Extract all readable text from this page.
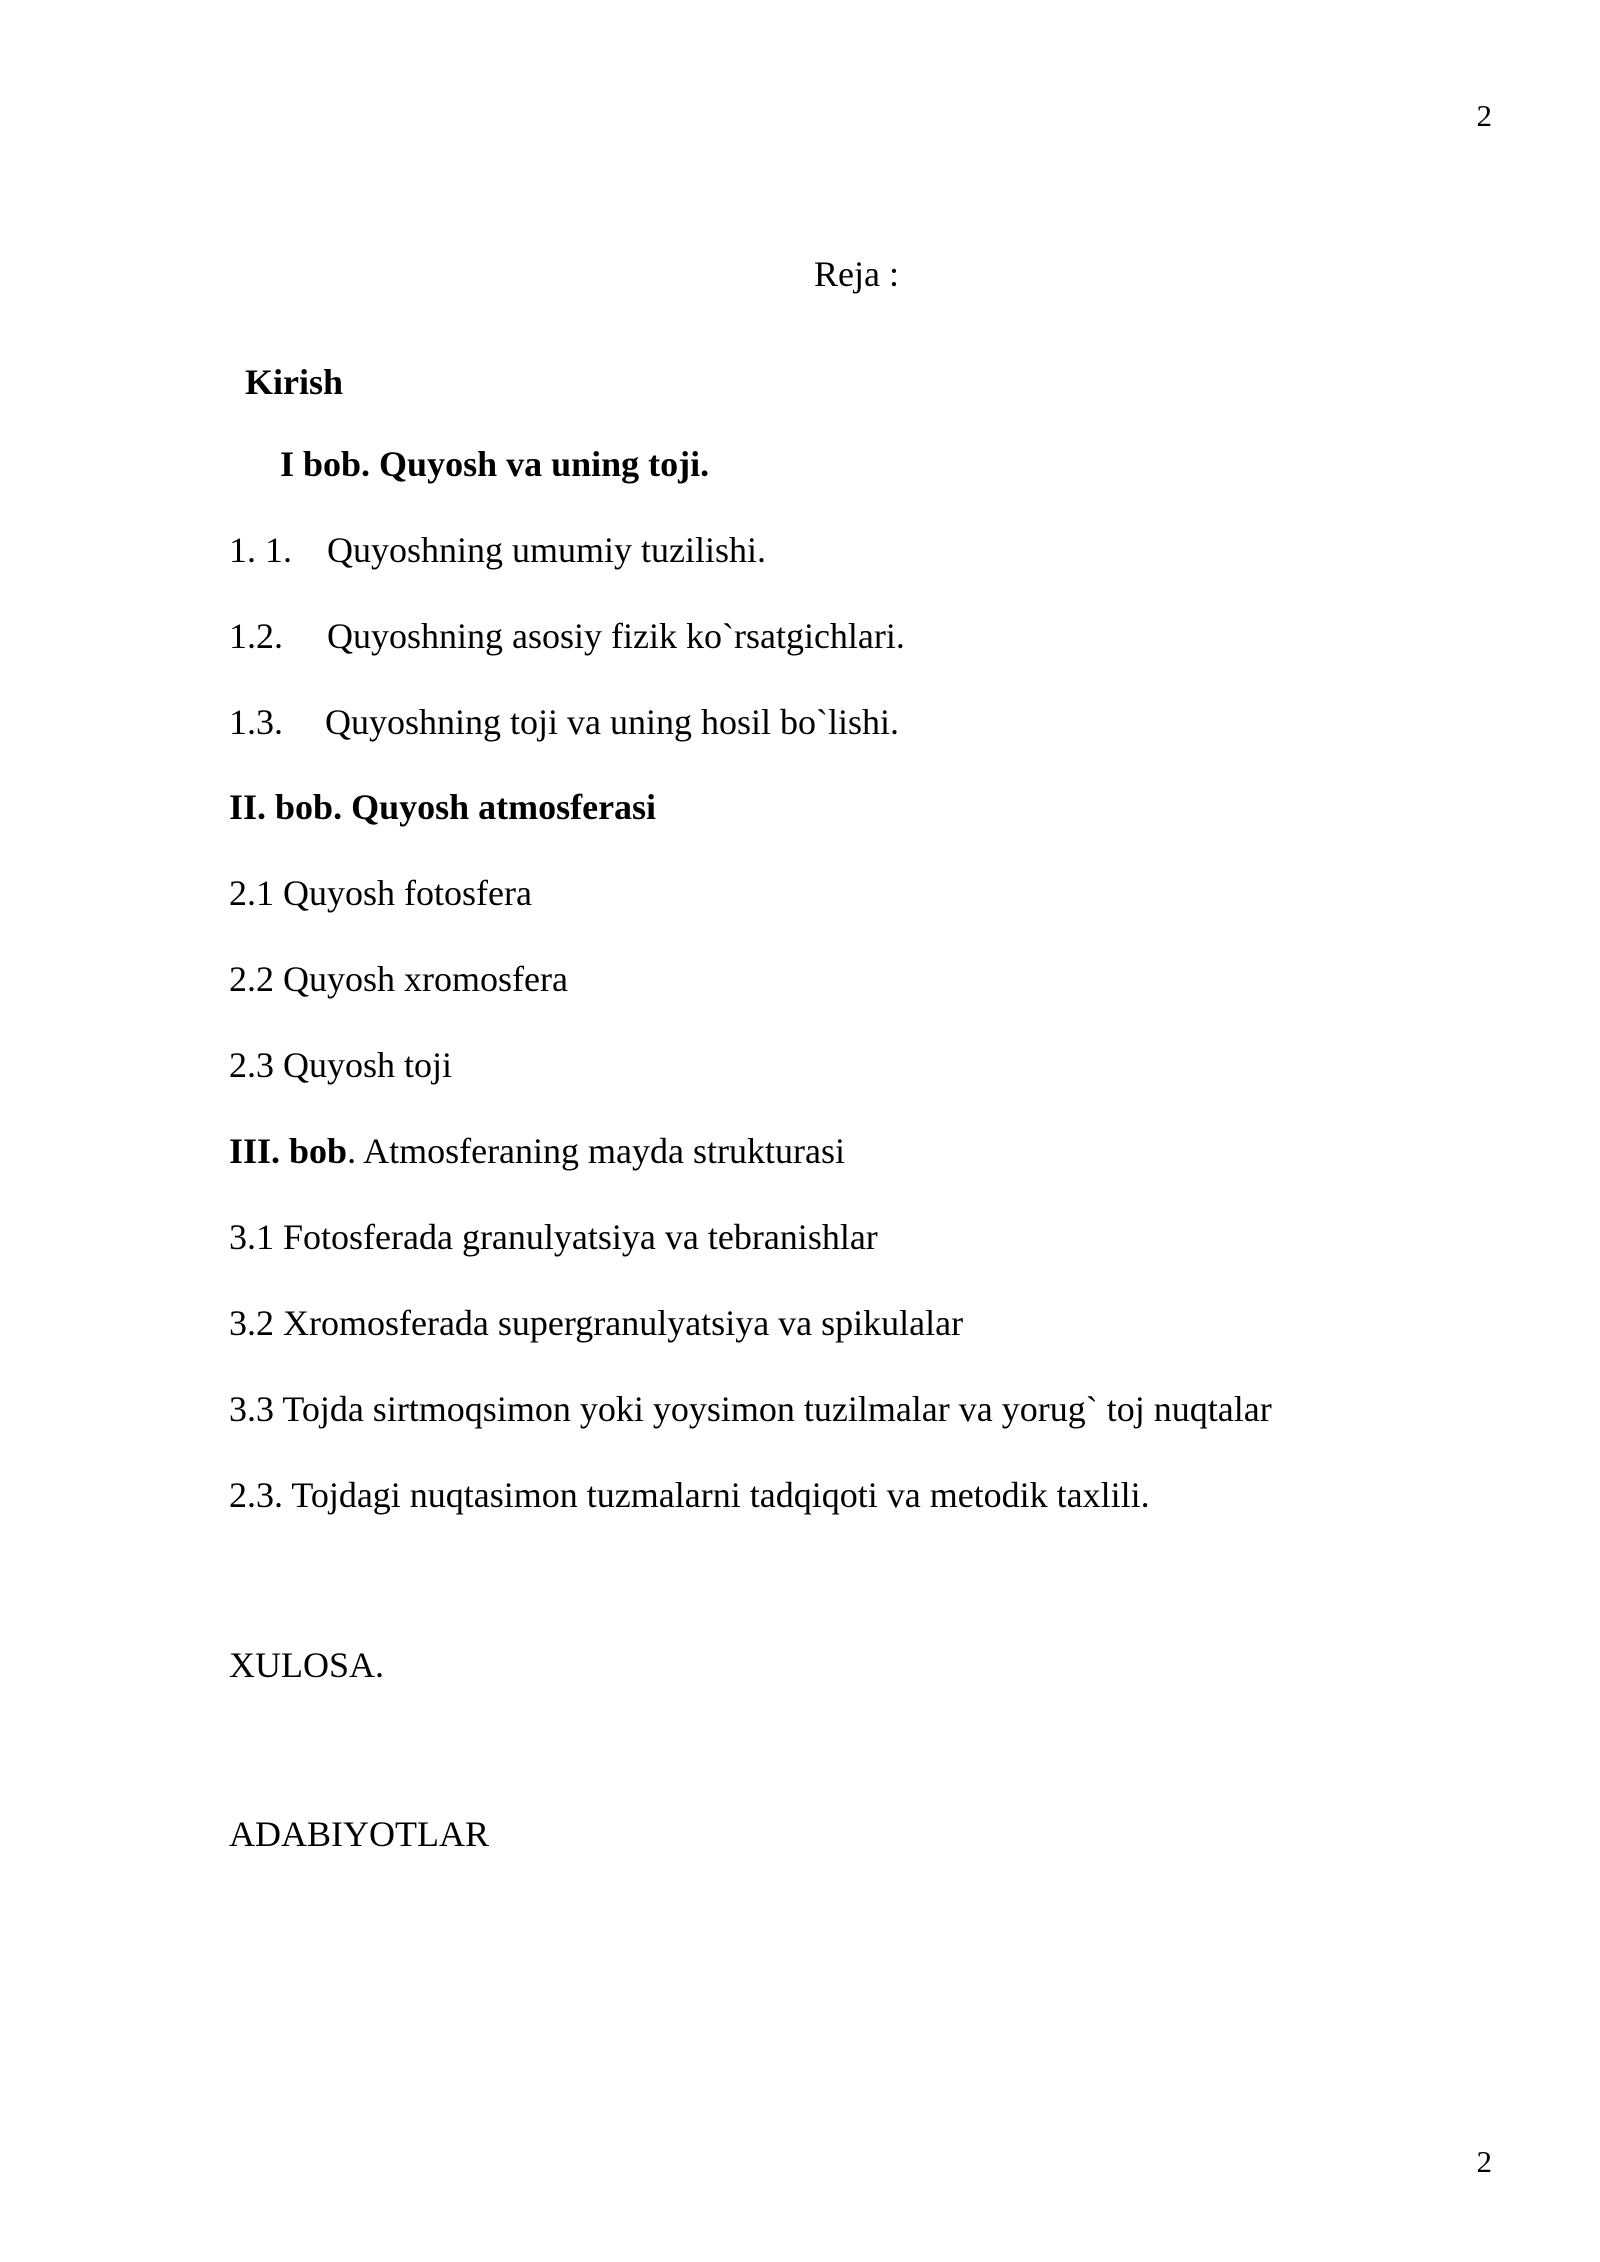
2
Reja :
Kirish
I bob. Quyosh va uning toji.
1. 1. Quyoshning umumiy tuzilishi.
1.2. Quyoshning asosiy fizik ko`rsatgichlari.
1.3. Quyoshning toji va uning hosil bo`lishi.
II. bob. Quyosh atmosferasi
2.1 Quyosh fotosfera
2.2 Quyosh xromosfera
2.3 Quyosh toji
III. bob. Atmosferaning mayda strukturasi
3.1 Fotosferada granulyatsiya va tebranishlar
3.2 Xromosferada supergranulyatsiya va spikulalar
3.3 Tojda sirtmoqsimon yoki yoysimon tuzilmalar va yorug` toj nuqtalar
2.3. Tojdagi nuqtasimon tuzmalarni tadqiqoti va metodik taxlili.
XULOSA.
ADABIYOTLAR
2
